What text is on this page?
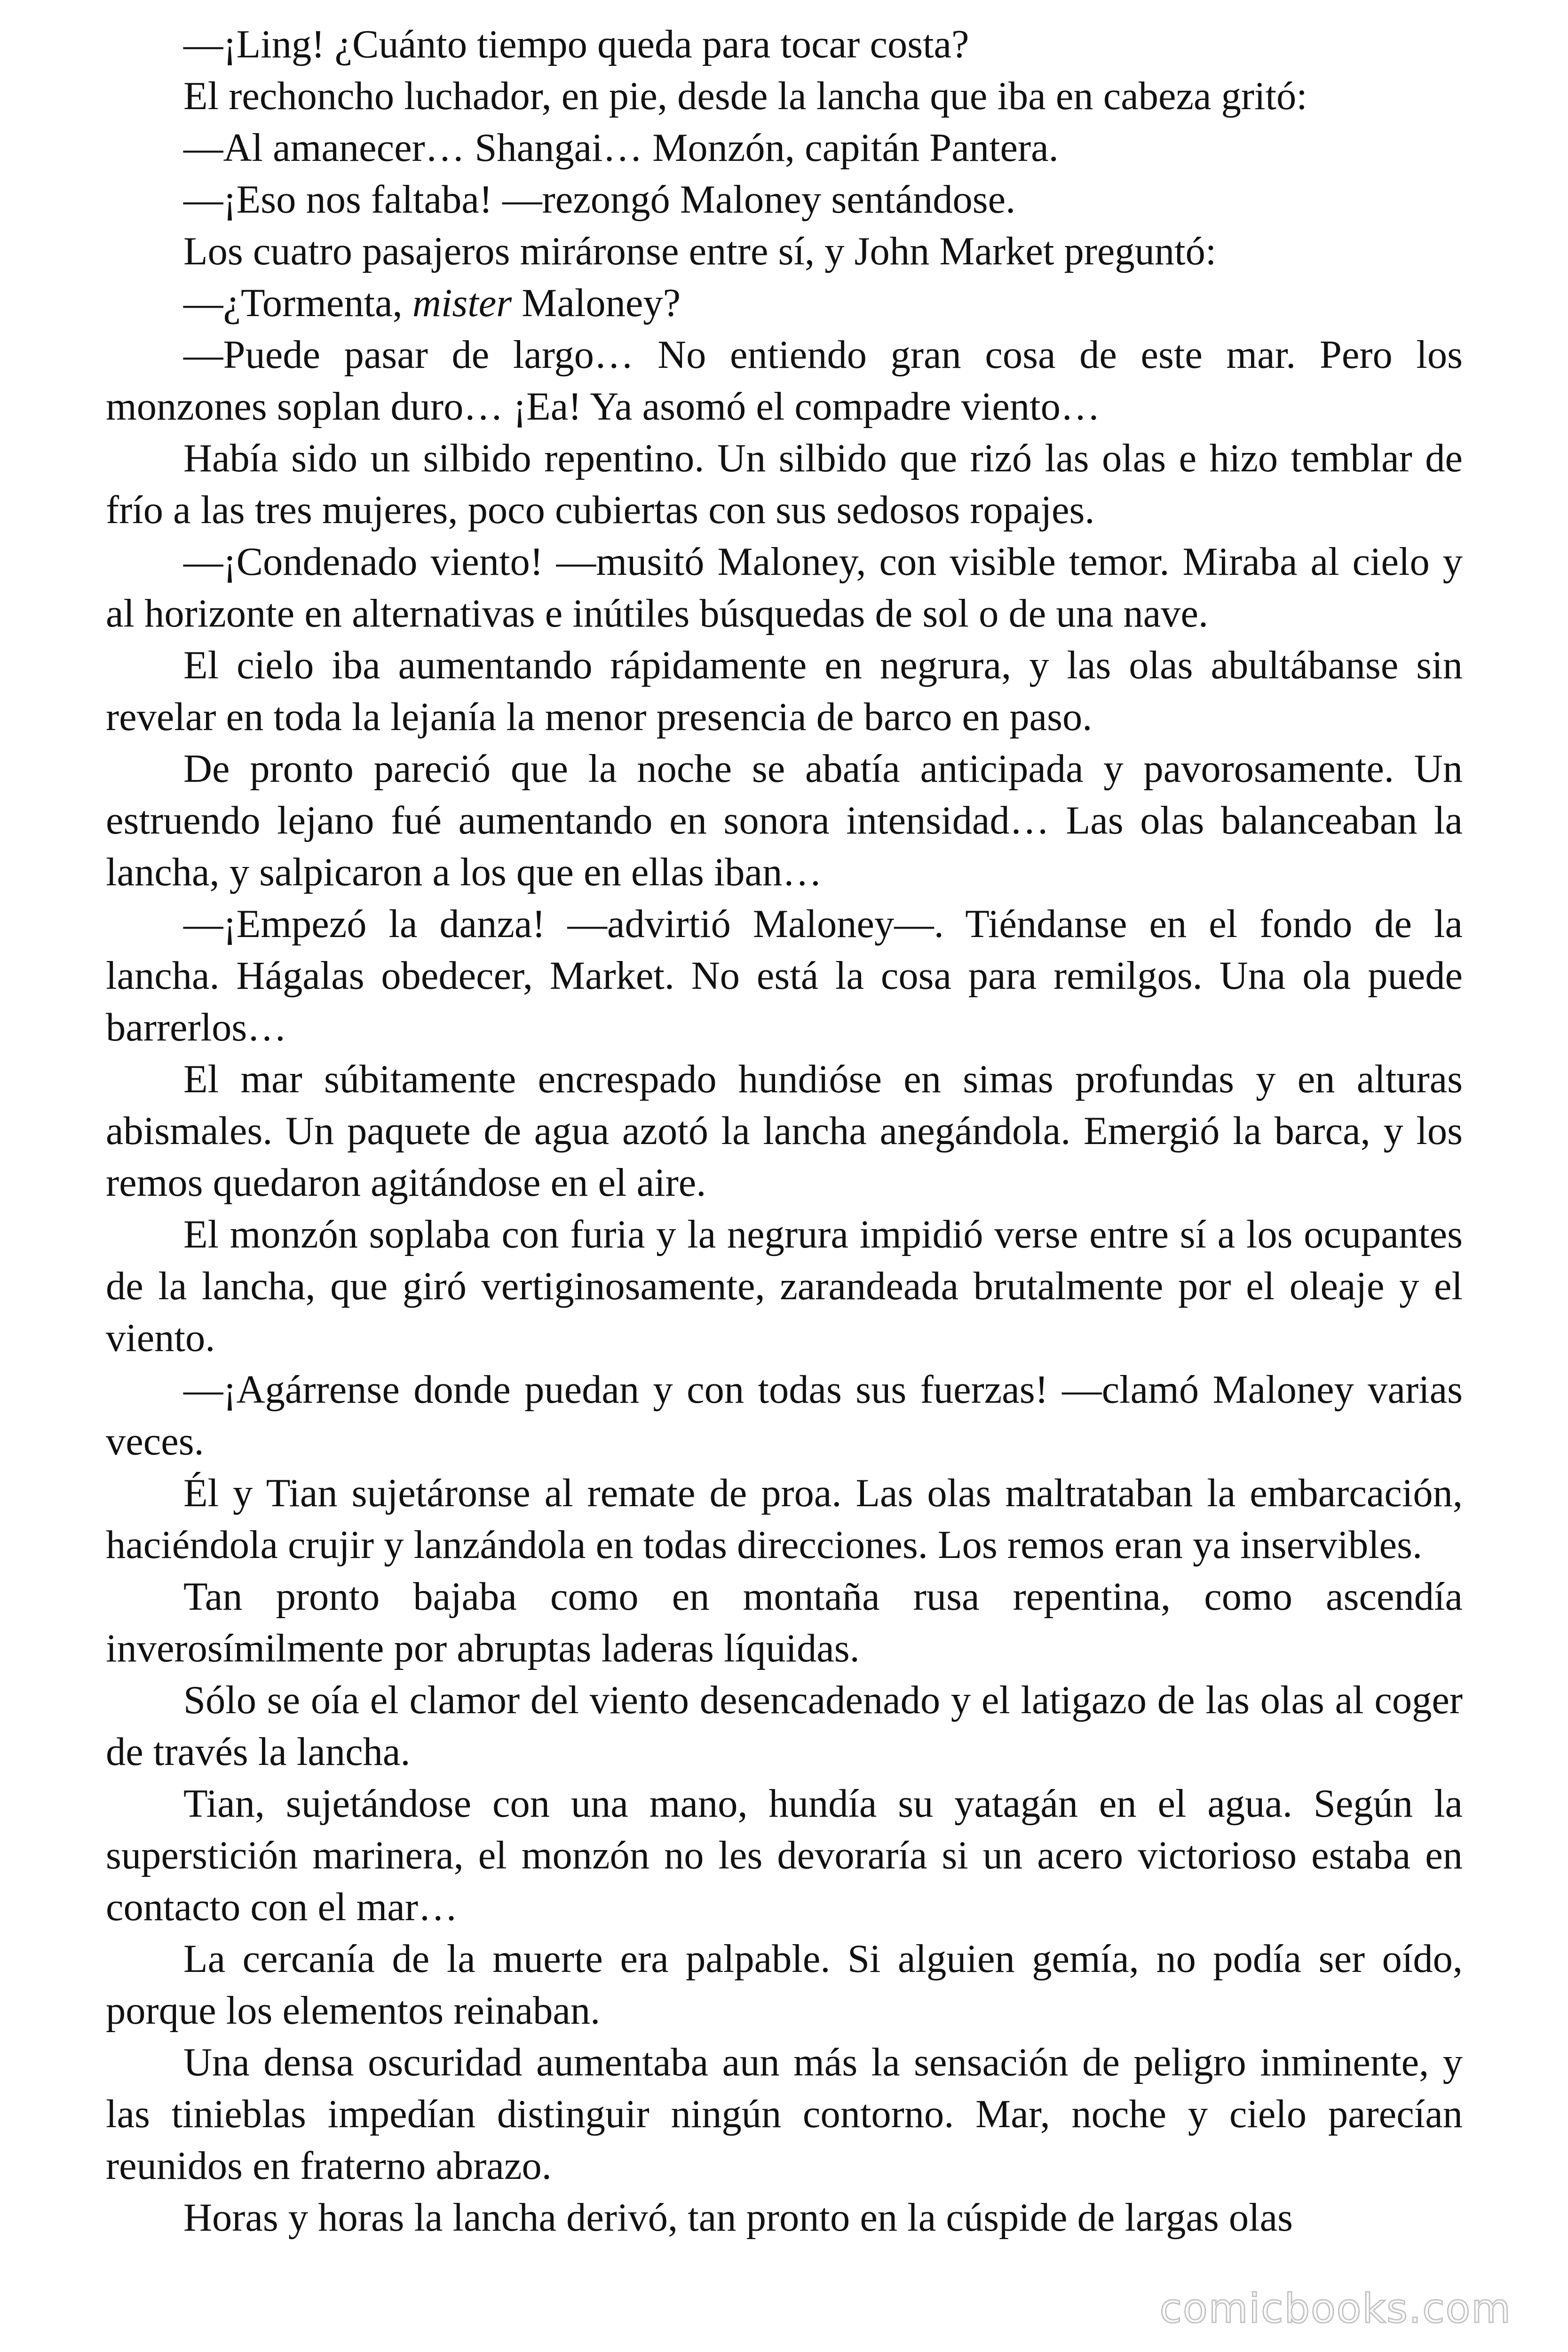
—¡Ling! ¿Cuánto tiempo queda para tocar costa?

El rechoncho luchador, en pie, desde la lancha que iba en cabeza gritó:

—Al amanecer… Shangai… Monzón, capitán Pantera.

—¡Eso nos faltaba! —rezongó Maloney sentándose.

Los cuatro pasajeros miráronse entre sí, y John Market preguntó:

—¿Tormenta, mister Maloney?

—Puede pasar de largo… No entiendo gran cosa de este mar. Pero los monzones soplan duro… ¡Ea! Ya asomó el compadre viento…

Había sido un silbido repentino. Un silbido que rizó las olas e hizo temblar de frío a las tres mujeres, poco cubiertas con sus sedosos ropajes.

—¡Condenado viento! —musitó Maloney, con visible temor. Miraba al cielo y al horizonte en alternativas e inútiles búsquedas de sol o de una nave.

El cielo iba aumentando rápidamente en negrura, y las olas abultábanse sin revelar en toda la lejanía la menor presencia de barco en paso.

De pronto pareció que la noche se abatía anticipada y pavorosamente. Un estruendo lejano fué aumentando en sonora intensidad… Las olas balanceaban la lancha, y salpicaron a los que en ellas iban…

—¡Empezó la danza! —advirtió Maloney—. Tiéndanse en el fondo de la lancha. Hágalas obedecer, Market. No está la cosa para remilgos. Una ola puede barrerlos…

El mar súbitamente encrespado hundióse en simas profundas y en alturas abismales. Un paquete de agua azotó la lancha anegándola. Emergió la barca, y los remos quedaron agitándose en el aire.

El monzón soplaba con furia y la negrura impidió verse entre sí a los ocupantes de la lancha, que giró vertiginosamente, zarandeada brutalmente por el oleaje y el viento.

—¡Agárrense donde puedan y con todas sus fuerzas! —clamó Maloney varias veces.

Él y Tian sujetáronse al remate de proa. Las olas maltrataban la embarcación, haciéndola crujir y lanzándola en todas direcciones. Los remos eran ya inservibles.

Tan pronto bajaba como en montaña rusa repentina, como ascendía inverosímilmente por abruptas laderas líquidas.

Sólo se oía el clamor del viento desencadenado y el latigazo de las olas al coger de través la lancha.

Tian, sujetándose con una mano, hundía su yatagán en el agua. Según la superstición marinera, el monzón no les devoraría si un acero victorioso estaba en contacto con el mar…

La cercanía de la muerte era palpable. Si alguien gemía, no podía ser oído, porque los elementos reinaban.

Una densa oscuridad aumentaba aun más la sensación de peligro inminente, y las tinieblas impedían distinguir ningún contorno. Mar, noche y cielo parecían reunidos en fraterno abrazo.

Horas y horas la lancha derivó, tan pronto en la cúspide de largas olas

comicbooks.com
